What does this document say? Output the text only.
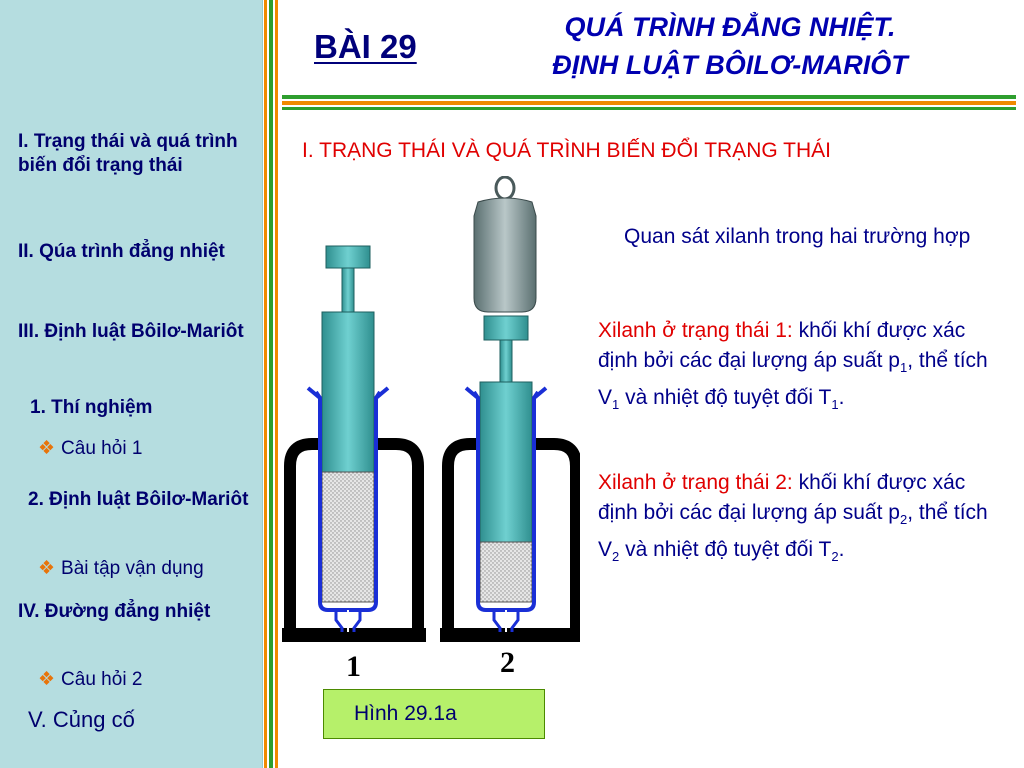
I. Trạng thái và quá trình biến đổi trạng thái
II. Qúa trình đẳng nhiệt
III. Định luật Bôilơ-Mariôt
1. Thí nghiệm
❖ Câu hỏi 1
2. Định luật Bôilơ-Mariôt
❖ Bài tập vận dụng
IV. Đường đẳng nhiệt
❖ Câu hỏi 2
V. Củng cố
BÀI 29
QUÁ TRÌNH ĐẲNG NHIỆT.
ĐỊNH LUẬT BÔILƠ-MARIÔT
I. TRẠNG THÁI VÀ QUÁ TRÌNH BIẾN ĐỔI TRẠNG THÁI
Quan sát xilanh trong hai trường hợp
Xilanh ở trạng thái 1: khối khí được xác định bởi các đại lượng áp suất $p_1$, thể tích $V_1$ và nhiệt độ tuyệt đối $T_1$.
Xilanh ở trạng thái 2: khối khí được xác định bởi các đại lượng áp suất $p_2$, thể tích $V_2$ và nhiệt độ tuyệt đối $T_2$.
1	2
Hình 29.1a
